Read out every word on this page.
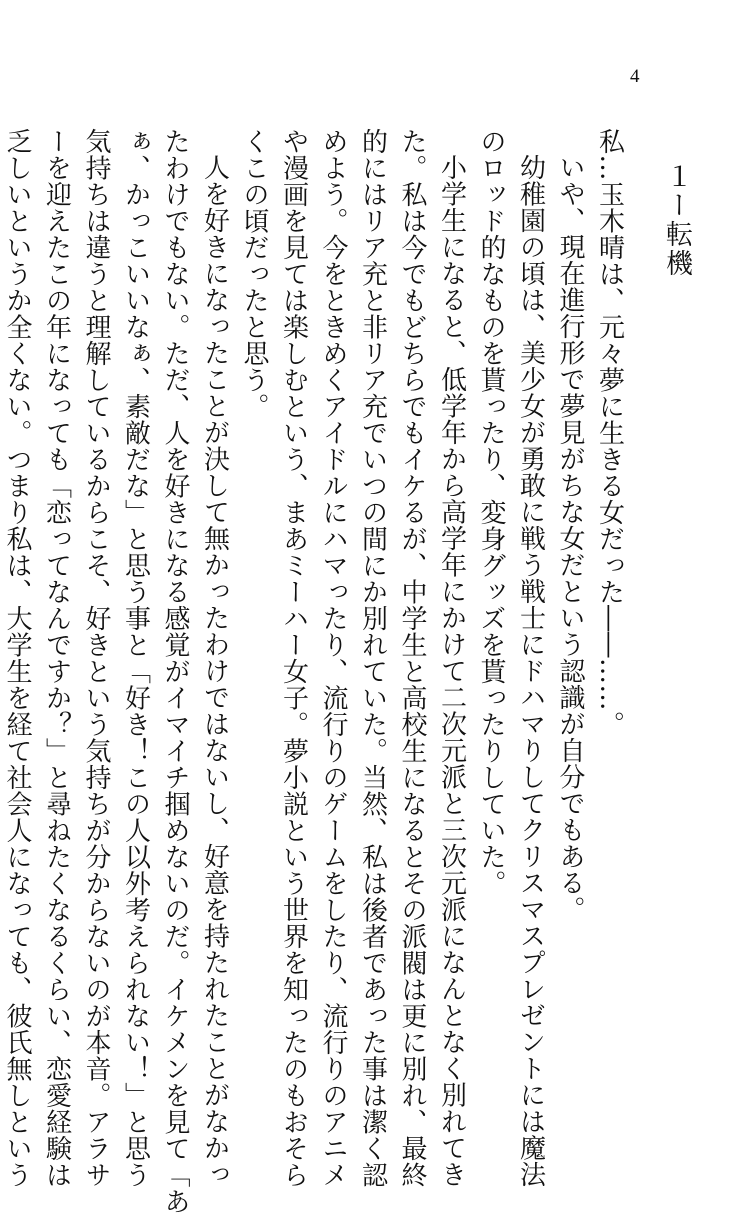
4
１ー転機
私…玉木晴は、元々夢に生きる女だった――……。
いや、現在進行形で夢見がちな女だという認識が自分でもある。
幼稚園の頃は、美少女が勇敢に戦う戦士にドハマりしてクリスマスプレゼントには魔法
のロッド的なものを貰ったり、変身グッズを貰ったりしていた。
小学生になると、低学年から高学年にかけて二次元派と三次元派になんとなく別れてき
た。私は今でもどちらでもイケるが、中学生と高校生になるとその派閥は更に別れ、最終
的にはリア充と非リア充でいつの間にか別れていた。当然、私は後者であった事は潔く認
めよう。今をときめくアイドルにハマったり、流行りのゲームをしたり、流行りのアニメ
や漫画を見ては楽しむという、まあミーハー女子。夢小説という世界を知ったのもおそら
くこの頃だったと思う。
人を好きになったことが決して無かったわけではないし、好意を持たれたことがなかっ
たわけでもない。ただ、人を好きになる感覚がイマイチ掴めないのだ。イケメンを見て「あ
ぁ、かっこいいなぁ、素敵だな」と思う事と「好き！この人以外考えられない！」と思う
気持ちは違うと理解しているからこそ、好きという気持ちが分からないのが本音。アラサ
ーを迎えたこの年になっても「恋ってなんですか？」と尋ねたくなるくらい、恋愛経験は
乏しいというか全くない。つまり私は、大学生を経て社会人になっても、彼氏無しという
